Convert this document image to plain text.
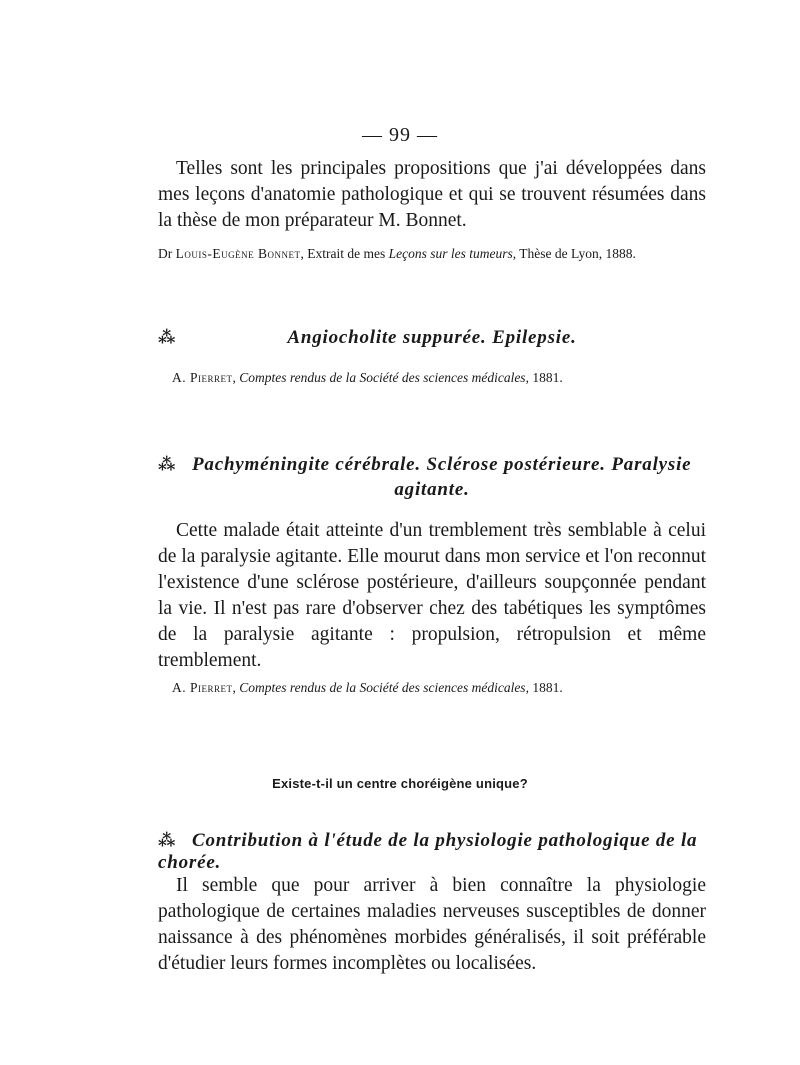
— 99 —

Telles sont les principales propositions que j'ai développées dans mes leçons d'anatomie pathologique et qui se trouvent résumées dans la thèse de mon préparateur M. Bonnet.

Dr Louis-Eugène Bonnet, Extrait de mes Leçons sur les tumeurs, Thèse de Lyon, 1888.

⁂	Angiocholite suppurée. Epilepsie.

A. Pierret, Comptes rendus de la Société des sciences médicales, 1881.

⁂ Pachyméningite cérébrale. Sclérose postérieure. Paralysie
agitante.

Cette malade était atteinte d'un tremblement très semblable à celui de la paralysie agitante. Elle mourut dans mon service et l'on reconnut l'existence d'une sclérose postérieure, d'ailleurs soupçonnée pendant la vie. Il n'est pas rare d'observer chez des tabétiques les symptômes de la paralysie agitante : propulsion, rétropulsion et même tremblement.

A. Pierret, Comptes rendus de la Société des sciences médicales, 1881.

Existe-t-il un centre choréigène unique?
⁂ Contribution à l'étude de la physiologie pathologique de la chorée.

Il semble que pour arriver à bien connaître la physiologie pathologique de certaines maladies nerveuses susceptibles de donner naissance à des phénomènes morbides généralisés, il soit préférable d'étudier leurs formes incomplètes ou localisées.
